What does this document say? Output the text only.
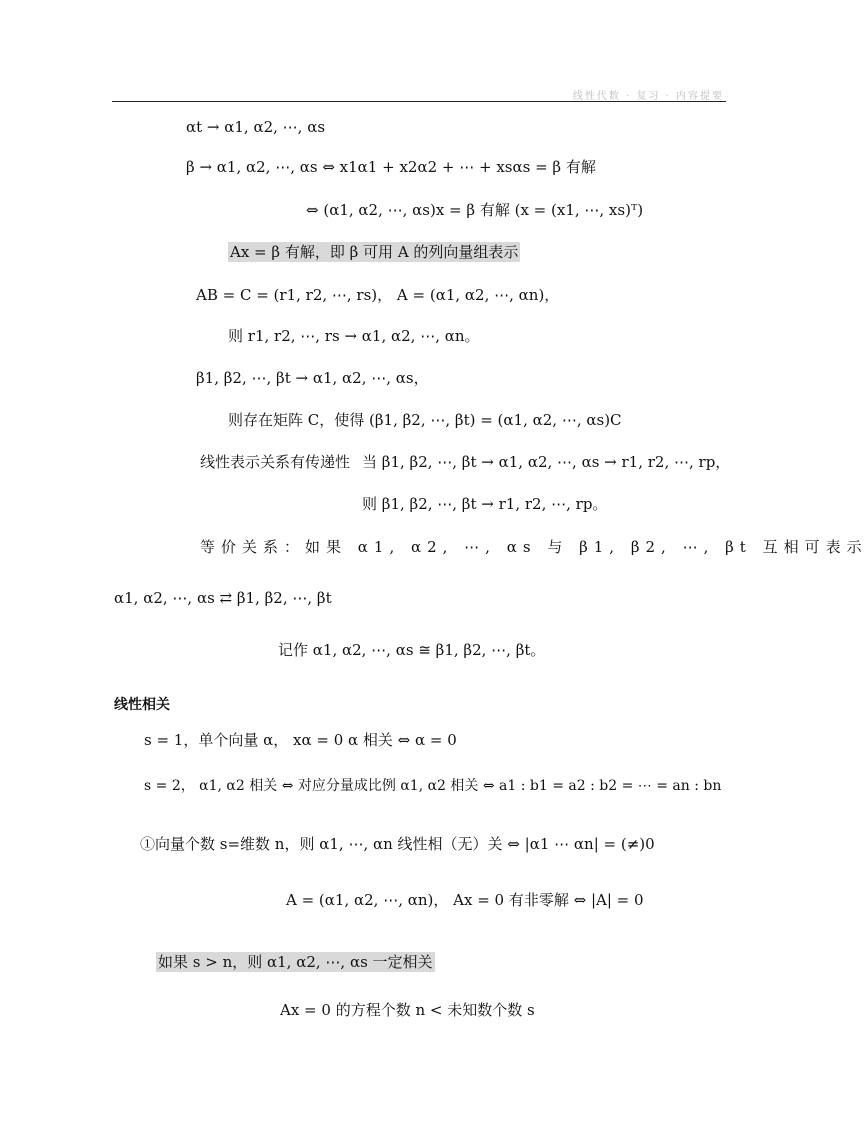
线性代数 · 复习 · 内容提要
αt → α1, α2, ⋯, αs
β → α1, α2, ⋯, αs ⇔ x1α1 + x2α2 + ⋯ + xsαs = β 有解
⇔ (α1, α2, ⋯, αs)x = β 有解 (x = (x1, ⋯, xs)ᵀ)
Ax = β 有解，即 β 可用 A 的列向量组表示
AB = C = (r1, r2, ⋯, rs)， A = (α1, α2, ⋯, αn)，
则 r1, r2, ⋯, rs → α1, α2, ⋯, αn。
β1, β2, ⋯, βt → α1, α2, ⋯, αs，
则存在矩阵 C，使得 (β1, β2, ⋯, βt) = (α1, α2, ⋯, αs)C
线性表示关系有传递性 当 β1, β2, ⋯, βt → α1, α2, ⋯, αs → r1, r2, ⋯, rp，
则 β1, β2, ⋯, βt → r1, r2, ⋯, rp。
等价关系：如果 α1, α2, ⋯, αs 与 β1, β2, ⋯, βt 互相可表示
α1, α2, ⋯, αs ⇄ β1, β2, ⋯, βt
记作 α1, α2, ⋯, αs ≅ β1, β2, ⋯, βt。
线性相关
s = 1，单个向量 α， xα = 0 α 相关 ⇔ α = 0
s = 2， α1, α2 相关 ⇔ 对应分量成比例 α1, α2 相关 ⇔ a1 : b1 = a2 : b2 = ⋯ = an : bn
①向量个数 s=维数 n，则 α1, ⋯, αn 线性相（无）关 ⇔ |α1 ⋯ αn| = (≠)0
A = (α1, α2, ⋯, αn)， Ax = 0 有非零解 ⇔ |A| = 0
如果 s > n，则 α1, α2, ⋯, αs 一定相关
Ax = 0 的方程个数 n < 未知数个数 s
